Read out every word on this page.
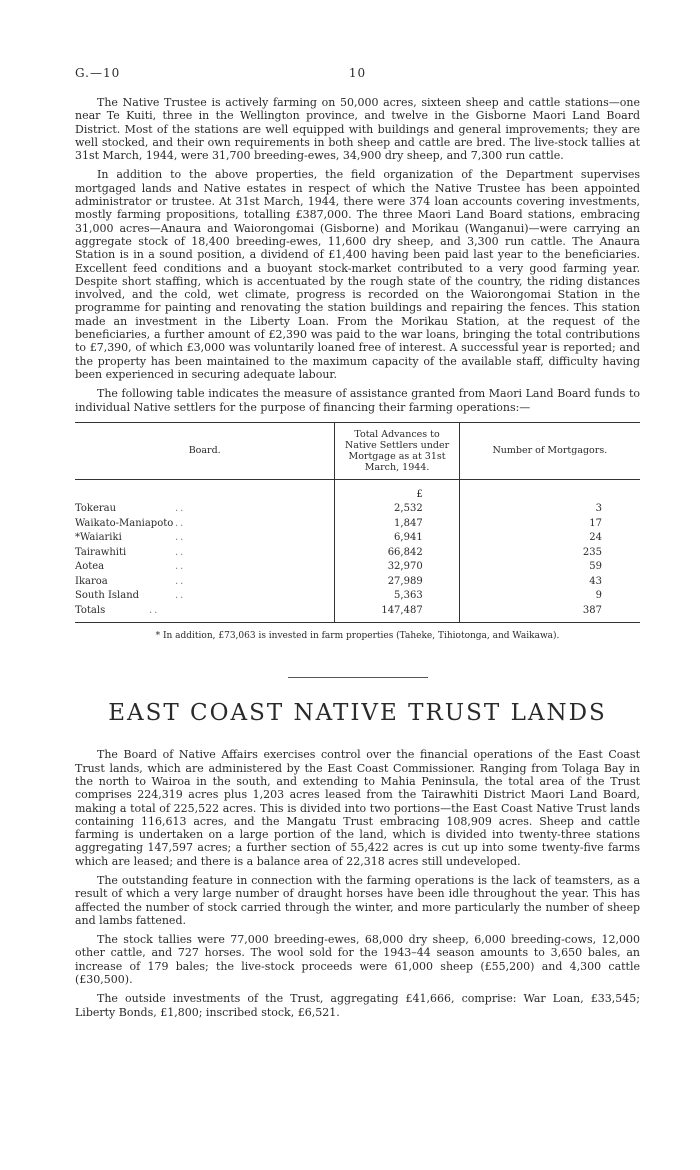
G.—10	10

The Native Trustee is actively farming on 50,000 acres, sixteen sheep and cattle stations—one near Te Kuiti, three in the Wellington province, and twelve in the Gisborne Maori Land Board District. Most of the stations are well equipped with buildings and general improvements; they are well stocked, and their own requirements in both sheep and cattle are bred. The live-stock tallies at 31st March, 1944, were 31,700 breeding-ewes, 34,900 dry sheep, and 7,300 run cattle.

In addition to the above properties, the field organization of the Department supervises mortgaged lands and Native estates in respect of which the Native Trustee has been appointed administrator or trustee. At 31st March, 1944, there were 374 loan accounts covering investments, mostly farming propositions, totalling £387,000. The three Maori Land Board stations, embracing 31,000 acres—Anaura and Waiorongomai (Gisborne) and Morikau (Wanganui)—were carrying an aggregate stock of 18,400 breeding-ewes, 11,600 dry sheep, and 3,300 run cattle. The Anaura Station is in a sound position, a dividend of £1,400 having been paid last year to the beneficiaries. Excellent feed conditions and a buoyant stock-market contributed to a very good farming year. Despite short staffing, which is accentuated by the rough state of the country, the riding distances involved, and the cold, wet climate, progress is recorded on the Waiorongomai Station in the programme for painting and renovating the station buildings and repairing the fences. This station made an investment in the Liberty Loan. From the Morikau Station, at the request of the beneficiaries, a further amount of £2,390 was paid to the war loans, bringing the total contributions to £7,390, of which £3,000 was voluntarily loaned free of interest. A successful year is reported; and the property has been maintained to the maximum capacity of the available staff, difficulty having been experienced in securing adequate labour.

The following table indicates the measure of assistance granted from Maori Land Board funds to individual Native settlers for the purpose of financing their farming operations:—

Board.	Total Advances to Native Settlers under Mortgage as at 31st March, 1944.	Number of Mortgagors.

	£	
Tokerau ..	2,532	3
Waikato-Maniapoto ..	1,847	17
*Waiariki ..	6,941	24
Tairawhiti ..	66,842	235
Aotea ..	32,970	59
Ikaroa ..	27,989	43
South Island ..	5,363	9
Totals ..	147,487	387

* In addition, £73,063 is invested in farm properties (Taheke, Tihiotonga, and Waikawa).
EAST COAST NATIVE TRUST LANDS

The Board of Native Affairs exercises control over the financial operations of the East Coast Trust lands, which are administered by the East Coast Commissioner. Ranging from Tolaga Bay in the north to Wairoa in the south, and extending to Mahia Peninsula, the total area of the Trust comprises 224,319 acres plus 1,203 acres leased from the Tairawhiti District Maori Land Board, making a total of 225,522 acres. This is divided into two portions—the East Coast Native Trust lands containing 116,613 acres, and the Mangatu Trust embracing 108,909 acres. Sheep and cattle farming is undertaken on a large portion of the land, which is divided into twenty-three stations aggregating 147,597 acres; a further section of 55,422 acres is cut up into some twenty-five farms which are leased; and there is a balance area of 22,318 acres still undeveloped.

The outstanding feature in connection with the farming operations is the lack of teamsters, as a result of which a very large number of draught horses have been idle throughout the year. This has affected the number of stock carried through the winter, and more particularly the number of sheep and lambs fattened.

The stock tallies were 77,000 breeding-ewes, 68,000 dry sheep, 6,000 breeding-cows, 12,000 other cattle, and 727 horses. The wool sold for the 1943–44 season amounts to 3,650 bales, an increase of 179 bales; the live-stock proceeds were 61,000 sheep (£55,200) and 4,300 cattle (£30,500).

The outside investments of the Trust, aggregating £41,666, comprise: War Loan, £33,545; Liberty Bonds, £1,800; inscribed stock, £6,521.
